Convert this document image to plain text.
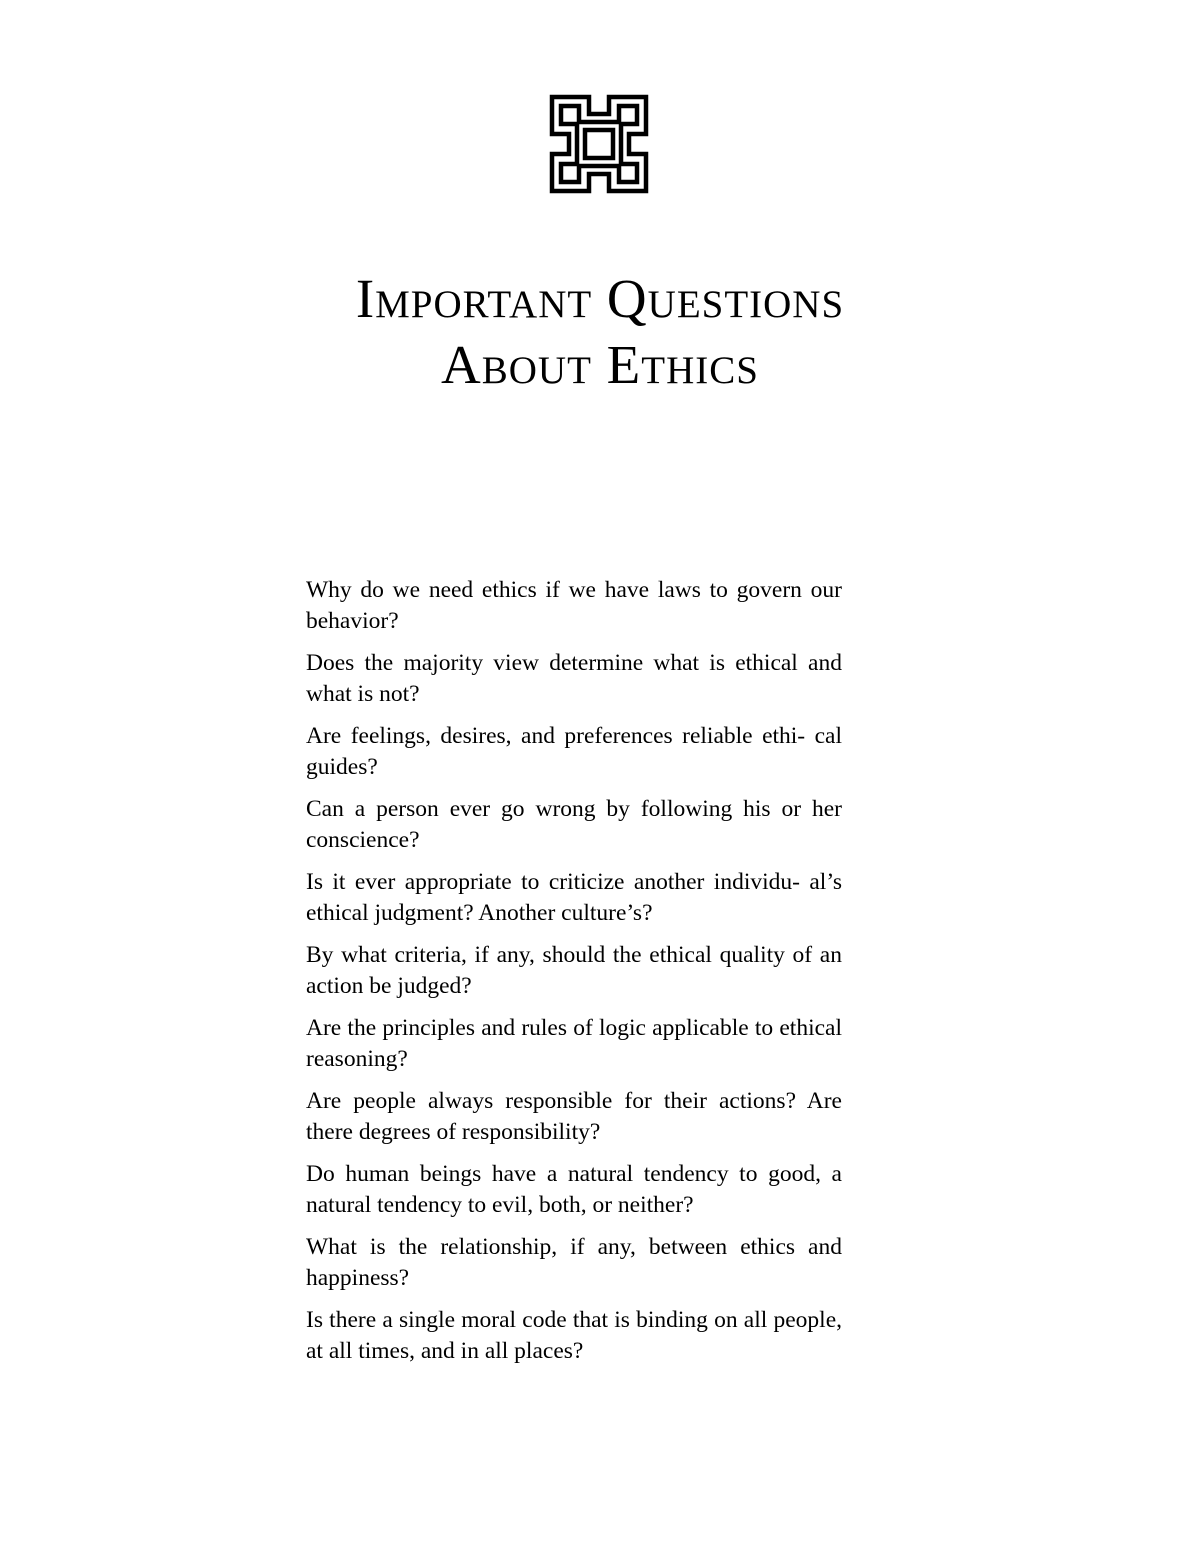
Important Questions
About Ethics
Why do we need ethics if we have laws to govern our behavior?
Does the majority view determine what is ethical and what is not?
Are feelings, desires, and preferences reliable ethi- cal guides?
Can a person ever go wrong by following his or her conscience?
Is it ever appropriate to criticize another individu- al’s ethical judgment? Another culture’s?
By what criteria, if any, should the ethical quality of an action be judged?
Are the principles and rules of logic applicable to ethical reasoning?
Are people always responsible for their actions? Are there degrees of responsibility?
Do human beings have a natural tendency to good, a natural tendency to evil, both, or neither?
What is the relationship, if any, between ethics and happiness?
Is there a single moral code that is binding on all people, at all times, and in all places?
